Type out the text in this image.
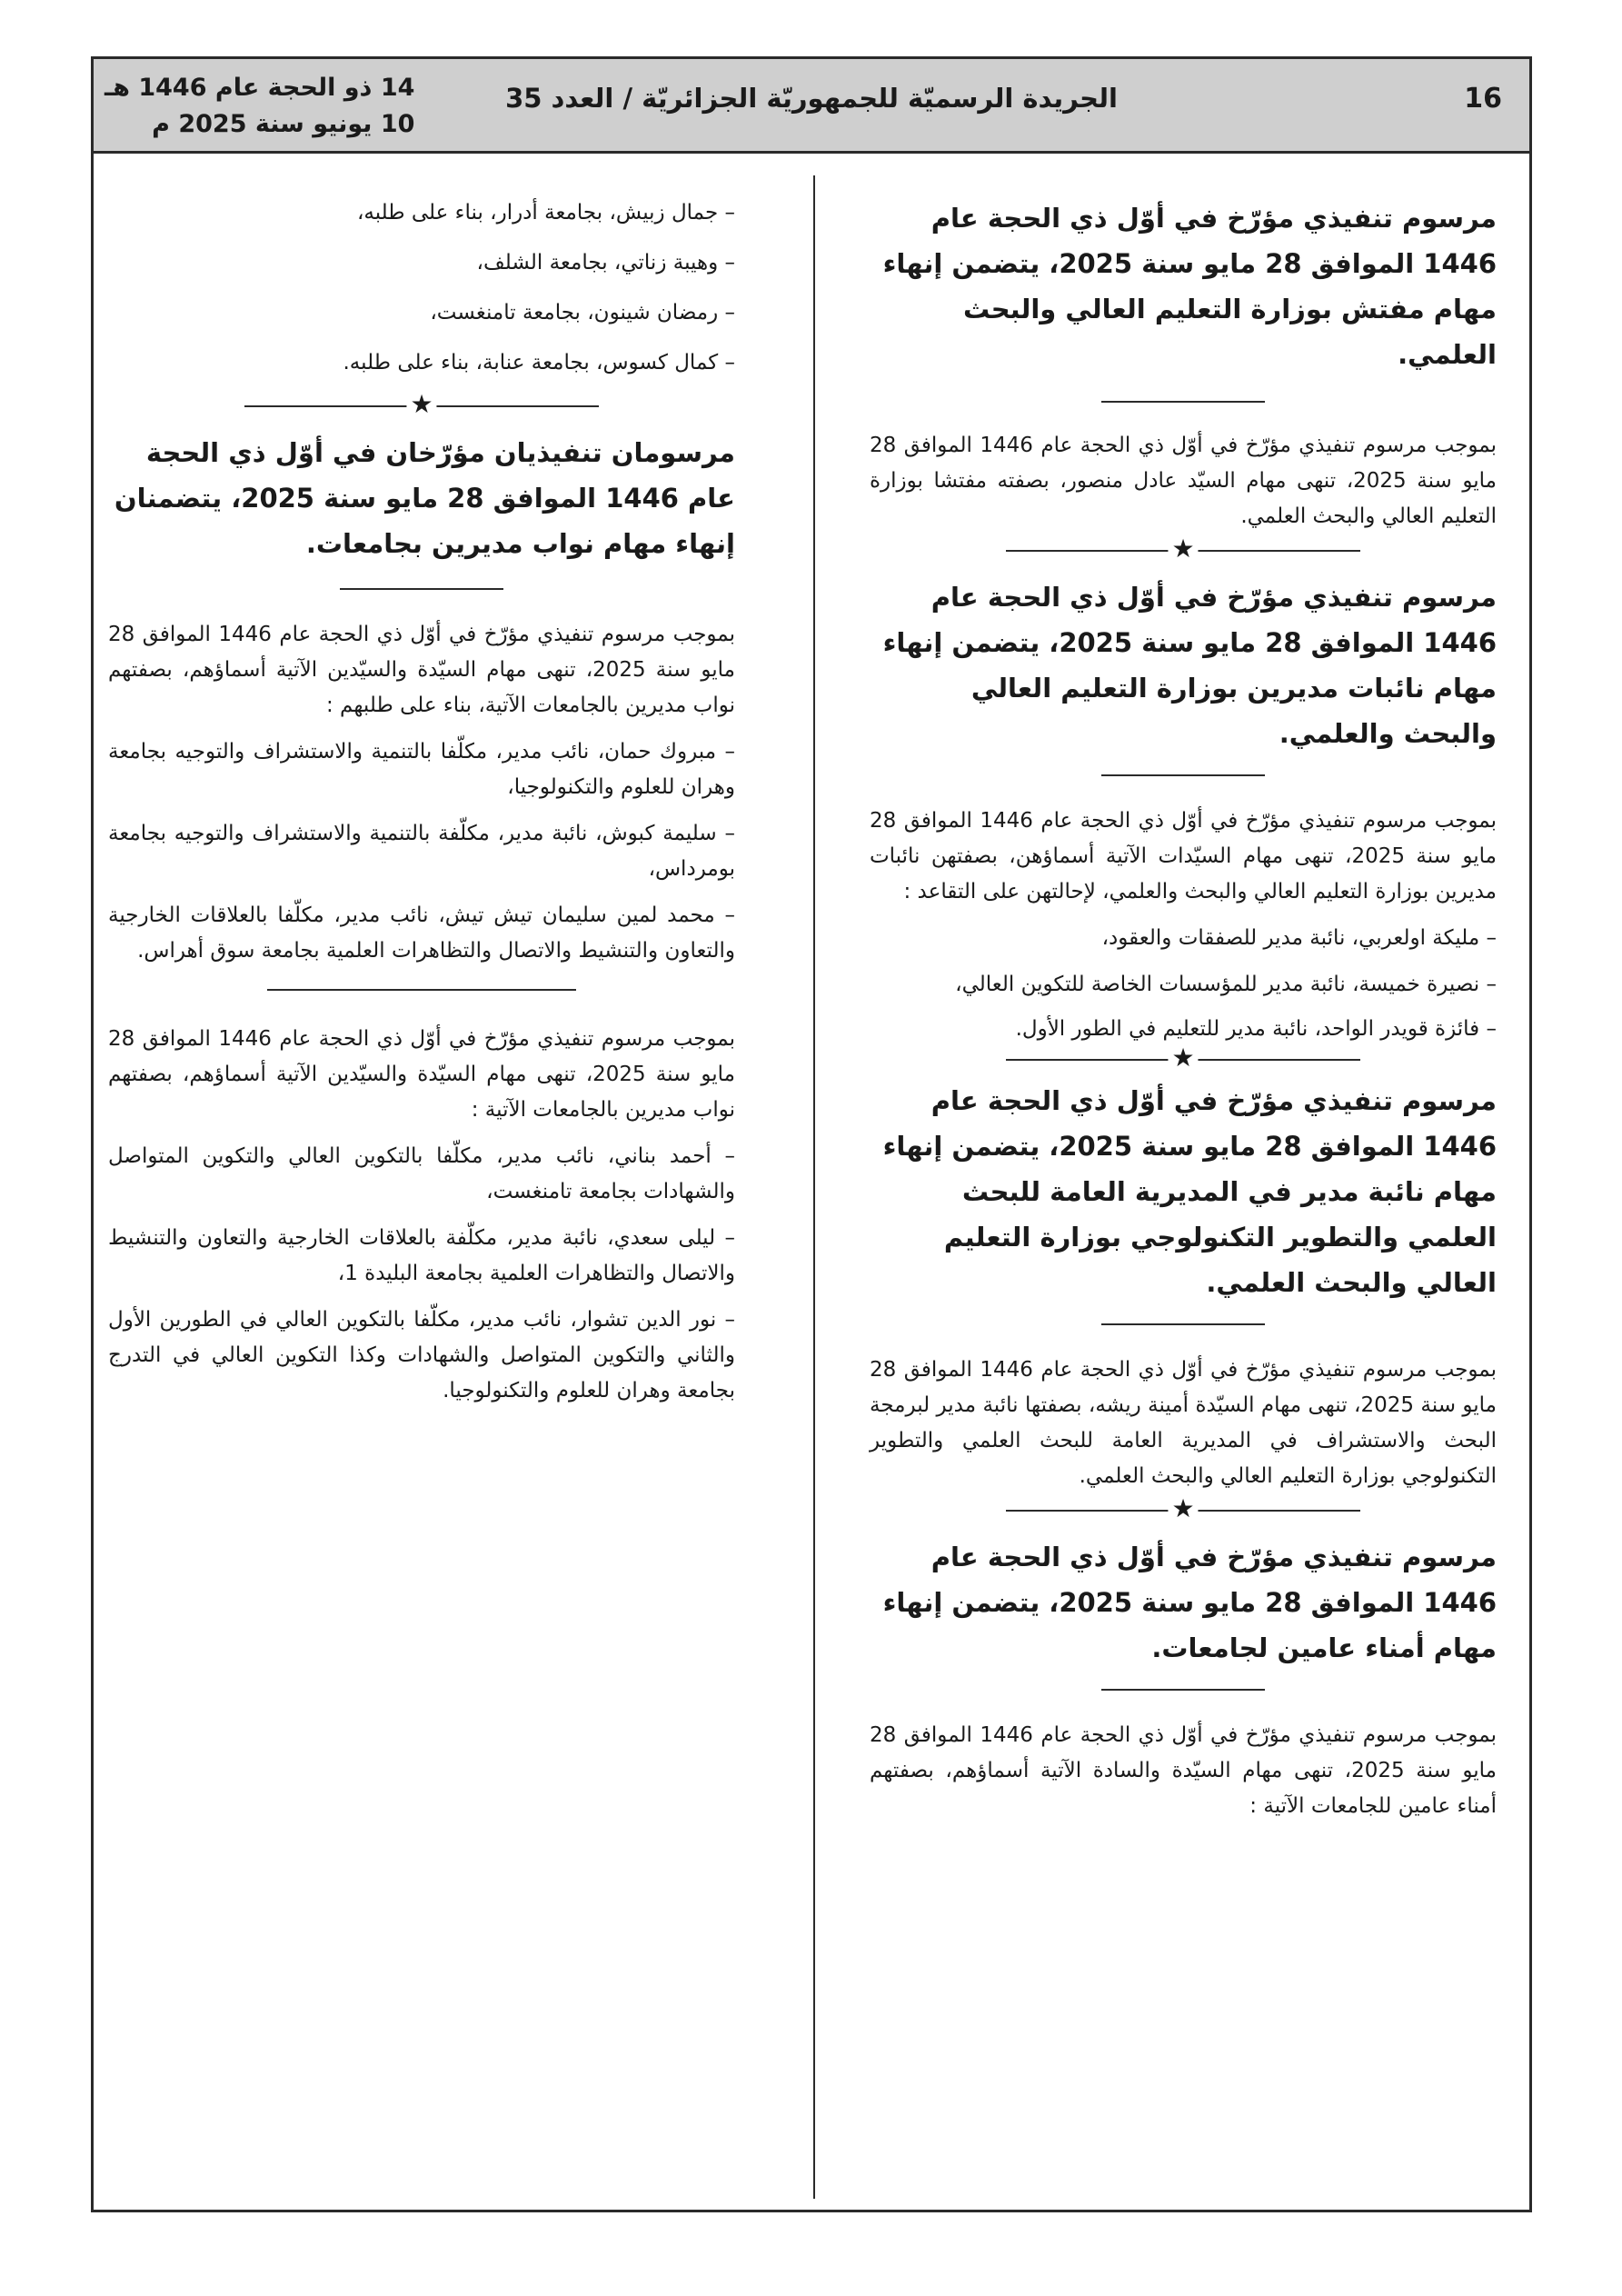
16
الجريدة الرسميّة للجمهوريّة الجزائريّة / العدد 35
14 ذو الحجة عام 1446 هـ
10 يونيو سنة 2025 م

مرسوم تنفيذي مؤرّخ في أوّل ذي الحجة عام 1446 الموافق 28 مايو سنة 2025، يتضمن إنهاء مهام مفتش بوزارة التعليم العالي والبحث العلمي.

بموجب مرسوم تنفيذي مؤرّخ في أوّل ذي الحجة عام 1446 الموافق 28 مايو سنة 2025، تنهى مهام السيّد عادل منصور، بصفته مفتشا بوزارة التعليم العالي والبحث العلمي.

★

مرسوم تنفيذي مؤرّخ في أوّل ذي الحجة عام 1446 الموافق 28 مايو سنة 2025، يتضمن إنهاء مهام نائبات مديرين بوزارة التعليم العالي والبحث والعلمي.

بموجب مرسوم تنفيذي مؤرّخ في أوّل ذي الحجة عام 1446 الموافق 28 مايو سنة 2025، تنهى مهام السيّدات الآتية أسماؤهن، بصفتهن نائبات مديرين بوزارة التعليم العالي والبحث والعلمي، لإحالتهن على التقاعد :

– مليكة اولعربي، نائبة مدير للصفقات والعقود،

– نصيرة خميسة، نائبة مدير للمؤسسات الخاصة للتكوين العالي،

– فائزة قويدر الواحد، نائبة مدير للتعليم في الطور الأول.

★

مرسوم تنفيذي مؤرّخ في أوّل ذي الحجة عام 1446 الموافق 28 مايو سنة 2025، يتضمن إنهاء مهام نائبة مدير في المديرية العامة للبحث العلمي والتطوير التكنولوجي بوزارة التعليم العالي والبحث العلمي.

بموجب مرسوم تنفيذي مؤرّخ في أوّل ذي الحجة عام 1446 الموافق 28 مايو سنة 2025، تنهى مهام السيّدة أمينة ريشه، بصفتها نائبة مدير لبرمجة البحث والاستشراف في المديرية العامة للبحث العلمي والتطوير التكنولوجي بوزارة التعليم العالي والبحث العلمي.

★

مرسوم تنفيذي مؤرّخ في أوّل ذي الحجة عام 1446 الموافق 28 مايو سنة 2025، يتضمن إنهاء مهام أمناء عامين لجامعات.

بموجب مرسوم تنفيذي مؤرّخ في أوّل ذي الحجة عام 1446 الموافق 28 مايو سنة 2025، تنهى مهام السيّدة والسادة الآتية أسماؤهم، بصفتهم أمناء عامين للجامعات الآتية :

– جمال زبيش، بجامعة أدرار، بناء على طلبه،

– وهيبة زناتي، بجامعة الشلف،

– رمضان شينون، بجامعة تامنغست،

– كمال كسوس، بجامعة عنابة، بناء على طلبه.

★

مرسومان تنفيذيان مؤرّخان في أوّل ذي الحجة عام 1446 الموافق 28 مايو سنة 2025، يتضمنان إنهاء مهام نواب مديرين بجامعات.

بموجب مرسوم تنفيذي مؤرّخ في أوّل ذي الحجة عام 1446 الموافق 28 مايو سنة 2025، تنهى مهام السيّدة والسيّدين الآتية أسماؤهم، بصفتهم نواب مديرين بالجامعات الآتية، بناء على طلبهم :

– مبروك حمان، نائب مدير، مكلّفا بالتنمية والاستشراف والتوجيه بجامعة وهران للعلوم والتكنولوجيا،

– سليمة كبوش، نائبة مدير، مكلّفة بالتنمية والاستشراف والتوجيه بجامعة بومرداس،

– محمد لمين سليمان تيش تيش، نائب مدير، مكلّفا بالعلاقات الخارجية والتعاون والتنشيط والاتصال والتظاهرات العلمية بجامعة سوق أهراس.

بموجب مرسوم تنفيذي مؤرّخ في أوّل ذي الحجة عام 1446 الموافق 28 مايو سنة 2025، تنهى مهام السيّدة والسيّدين الآتية أسماؤهم، بصفتهم نواب مديرين بالجامعات الآتية :

– أحمد بناني، نائب مدير، مكلّفا بالتكوين العالي والتكوين المتواصل والشهادات بجامعة تامنغست،

– ليلى سعدي، نائبة مدير، مكلّفة بالعلاقات الخارجية والتعاون والتنشيط والاتصال والتظاهرات العلمية بجامعة البليدة 1،

– نور الدين تشوار، نائب مدير، مكلّفا بالتكوين العالي في الطورين الأول والثاني والتكوين المتواصل والشهادات وكذا التكوين العالي في التدرج بجامعة وهران للعلوم والتكنولوجيا.
